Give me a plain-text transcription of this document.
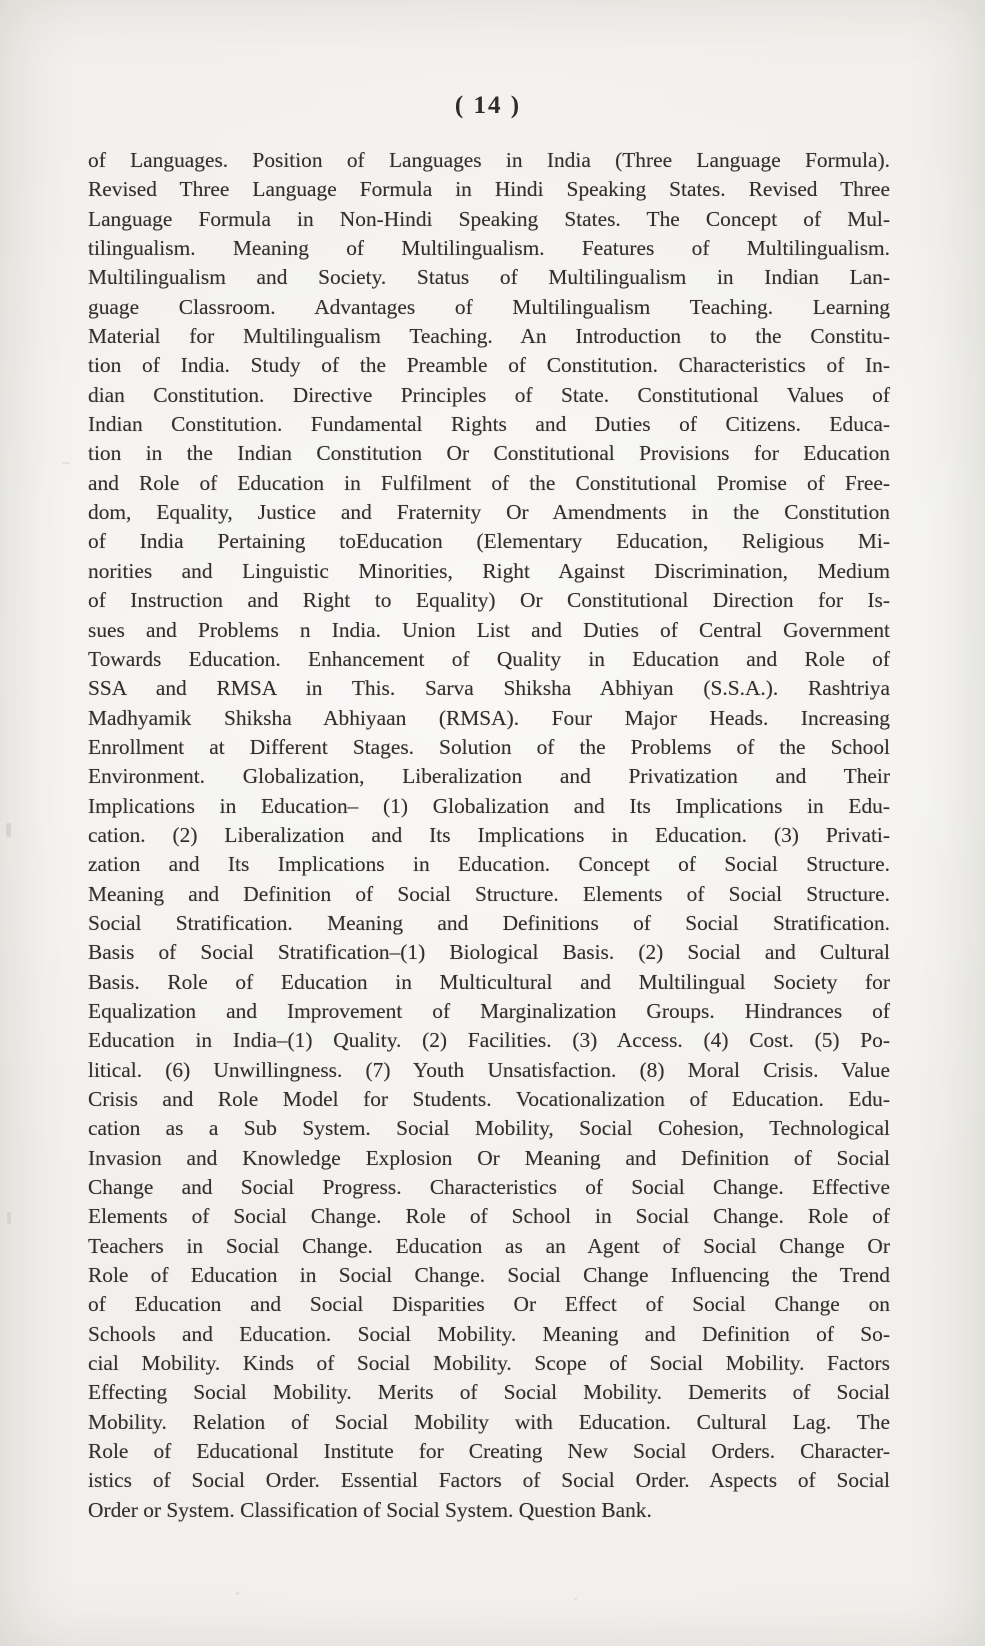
( 14 )
of Languages. Position of Languages in India (Three Language Formula).
Revised Three Language Formula in Hindi Speaking States. Revised Three
Language Formula in Non-Hindi Speaking States. The Concept of Mul-
tilingualism. Meaning of Multilingualism. Features of Multilingualism.
Multilingualism and Society. Status of Multilingualism in Indian Lan-
guage Classroom. Advantages of Multilingualism Teaching. Learning
Material for Multilingualism Teaching. An Introduction to the Constitu-
tion of India. Study of the Preamble of Constitution. Characteristics of In-
dian Constitution. Directive Principles of State. Constitutional Values of
Indian Constitution. Fundamental Rights and Duties of Citizens. Educa-
tion in the Indian Constitution Or Constitutional Provisions for Education
and Role of Education in Fulfilment of the Constitutional Promise of Free-
dom, Equality, Justice and Fraternity Or Amendments in the Constitution
of India Pertaining toEducation (Elementary Education, Religious Mi-
norities and Linguistic Minorities, Right Against Discrimination, Medium
of Instruction and Right to Equality) Or Constitutional Direction for Is-
sues and Problems n India. Union List and Duties of Central Government
Towards Education. Enhancement of Quality in Education and Role of
SSA and RMSA in This. Sarva Shiksha Abhiyan (S.S.A.). Rashtriya
Madhyamik Shiksha Abhiyaan (RMSA). Four Major Heads. Increasing
Enrollment at Different Stages. Solution of the Problems of the School
Environment. Globalization, Liberalization and Privatization and Their
Implications in Education– (1) Globalization and Its Implications in Edu-
cation. (2) Liberalization and Its Implications in Education. (3) Privati-
zation and Its Implications in Education. Concept of Social Structure.
Meaning and Definition of Social Structure. Elements of Social Structure.
Social Stratification. Meaning and Definitions of Social Stratification.
Basis of Social Stratification–(1) Biological Basis. (2) Social and Cultural
Basis. Role of Education in Multicultural and Multilingual Society for
Equalization and Improvement of Marginalization Groups. Hindrances of
Education in India–(1) Quality. (2) Facilities. (3) Access. (4) Cost. (5) Po-
litical. (6) Unwillingness. (7) Youth Unsatisfaction. (8) Moral Crisis. Value
Crisis and Role Model for Students. Vocationalization of Education. Edu-
cation as a Sub System. Social Mobility, Social Cohesion, Technological
Invasion and Knowledge Explosion Or Meaning and Definition of Social
Change and Social Progress. Characteristics of Social Change. Effective
Elements of Social Change. Role of School in Social Change. Role of
Teachers in Social Change. Education as an Agent of Social Change Or
Role of Education in Social Change. Social Change Influencing the Trend
of Education and Social Disparities Or Effect of Social Change on
Schools and Education. Social Mobility. Meaning and Definition of So-
cial Mobility. Kinds of Social Mobility. Scope of Social Mobility. Factors
Effecting Social Mobility. Merits of Social Mobility. Demerits of Social
Mobility. Relation of Social Mobility with Education. Cultural Lag. The
Role of Educational Institute for Creating New Social Orders. Character-
istics of Social Order. Essential Factors of Social Order. Aspects of Social
Order or System. Classification of Social System. Question Bank.
